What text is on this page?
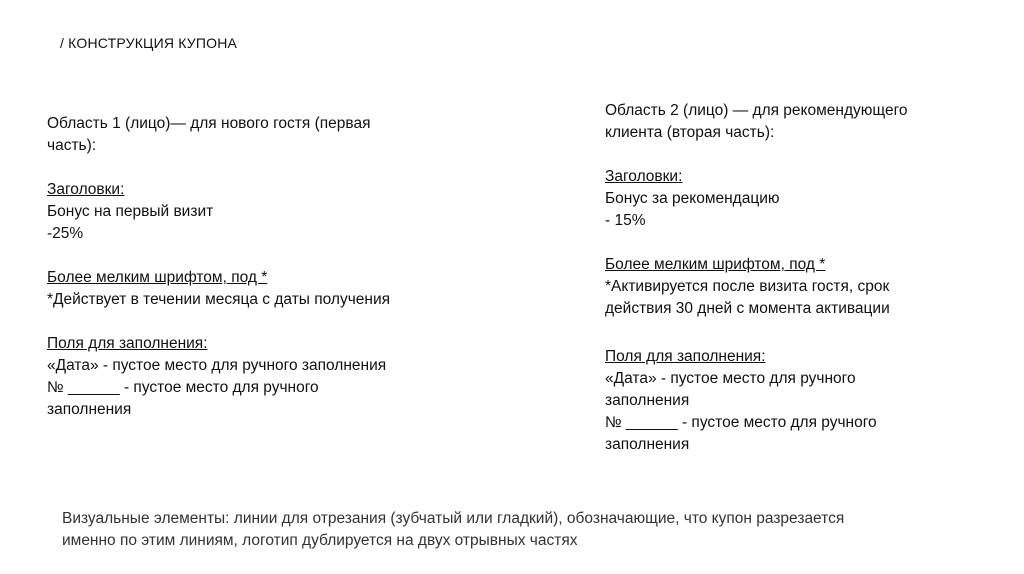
/ КОНСТРУКЦИЯ КУПОНА
Область 1 (лицо)— для нового гостя (первая
часть):
Заголовки:
Бонус на первый визит
-25%
Более мелким шрифтом, под *
*Действует в течении месяца с даты получения
Поля для заполнения:
«Дата» - пустое место для ручного заполнения
№ ______ - пустое место для ручного
заполнения
Область 2 (лицо) — для рекомендующего
клиента (вторая часть):
Заголовки:
Бонус за рекомендацию
- 15%
Более мелким шрифтом, под *
*Активируется после визита гостя, срок
действия 30 дней с момента активации
Поля для заполнения:
«Дата» - пустое место для ручного
заполнения
№ ______ - пустое место для ручного
заполнения
Визуальные элементы: линии для отрезания (зубчатый или гладкий), обозначающие, что купон разрезается
именно по этим линиям, логотип дублируется на двух отрывных частях
